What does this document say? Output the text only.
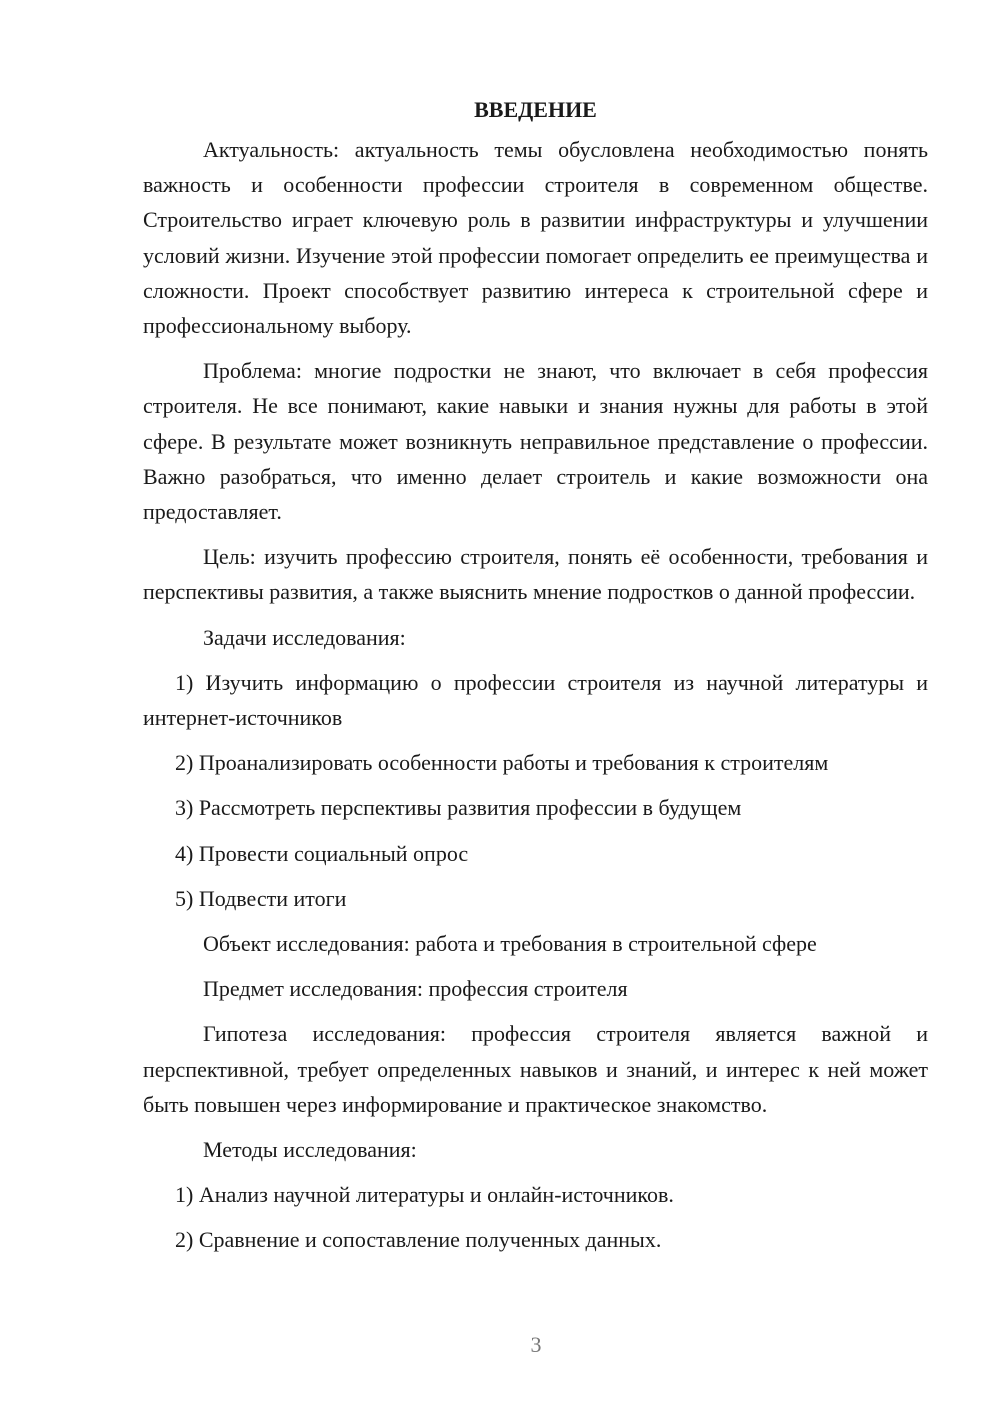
ВВЕДЕНИЕ

Актуальность: актуальность темы обусловлена необходимостью понять важность и особенности профессии строителя в современном обществе. Строительство играет ключевую роль в развитии инфраструктуры и улучшении условий жизни. Изучение этой профессии помогает определить ее преимущества и сложности. Проект способствует развитию интереса к строительной сфере и профессиональному выбору.

Проблема: многие подростки не знают, что включает в себя профессия строителя. Не все понимают, какие навыки и знания нужны для работы в этой сфере. В результате может возникнуть неправильное представление о профессии. Важно разобраться, что именно делает строитель и какие возможности она предоставляет.

Цель: изучить профессию строителя, понять её особенности, требования и перспективы развития, а также выяснить мнение подростков о данной профессии.

Задачи исследования:

1) Изучить информацию о профессии строителя из научной литературы и интернет-источников

2) Проанализировать особенности работы и требования к строителям

3) Рассмотреть перспективы развития профессии в будущем

4) Провести социальный опрос

5) Подвести итоги

Объект исследования: работа и требования в строительной сфере

Предмет исследования: профессия строителя

Гипотеза исследования: профессия строителя является важной и перспективной, требует определенных навыков и знаний, и интерес к ней может быть повышен через информирование и практическое знакомство.

Методы исследования:

1) Анализ научной литературы и онлайн-источников.

2) Сравнение и сопоставление полученных данных.

3
